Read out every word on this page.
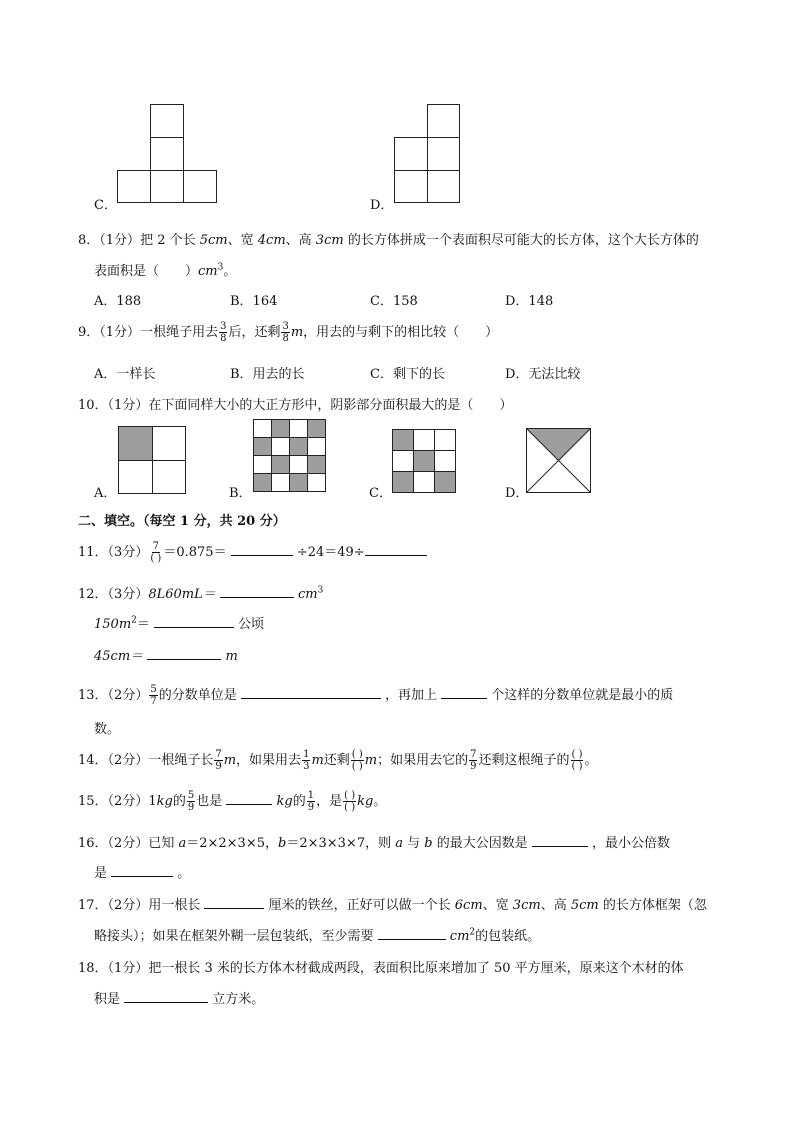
C．	D．
8．（1分）把 2 个长 5cm、宽 4cm、高 3cm 的长方体拼成一个表面积尽可能大的长方体，这个大长方体的
表面积是（　　）$cm^3$。
A．188	B．164	C．158	D．148
9．（1分）一根绳子用去 $\frac{3}{8}$ 后，还剩 $\frac{3}{8}$ m，用去的与剩下的相比较（　　）
A．一样长	B．用去的长	C．剩下的长	D．无法比较
10．（1分）在下面同样大小的大正方形中，阴影部分面积最大的是（　　）
A．	B．	C．	D．
二、填空。（每空 1 分，共 20 分）
11．（3分） $\frac{7}{( )} =0.875=$	÷24＝49÷
12．（3分）8L60mL＝	$cm^3$
$150m^2=$	公顷
45cm＝	m
13．（2分） $\frac{5}{7}$ 的分数单位是	，再加上	个这样的分数单位就是最小的质
数。
14．（2分）一根绳子长 $\frac{7}{9}$ m，如果用去 $\frac{1}{3}$ m还剩 $\frac{( )}{( )}$ m；如果用去它的 $\frac{7}{9}$ 还剩这根绳子的 $\frac{( )}{( )}$ 。
15．（2分）1kg的 $\frac{5}{9}$ 也是	kg的 $\frac{1}{9}$ ，是 $\frac{( )}{( )}$ kg。
16．（2分）已知 a＝2×2×3×5，b＝2×3×3×7，则 a 与 b 的最大公因数是	，最小公倍数
是	。
17．（2分）用一根长	厘米的铁丝，正好可以做一个长 6cm、宽 3cm、高 5cm 的长方体框架（忽
略接头）；如果在框架外糊一层包装纸，至少需要	$cm^2$的包装纸。
18．（1分）把一根长 3 米的长方体木材截成两段，表面积比原来增加了 50 平方厘米，原来这个木材的体
积是	立方米。
